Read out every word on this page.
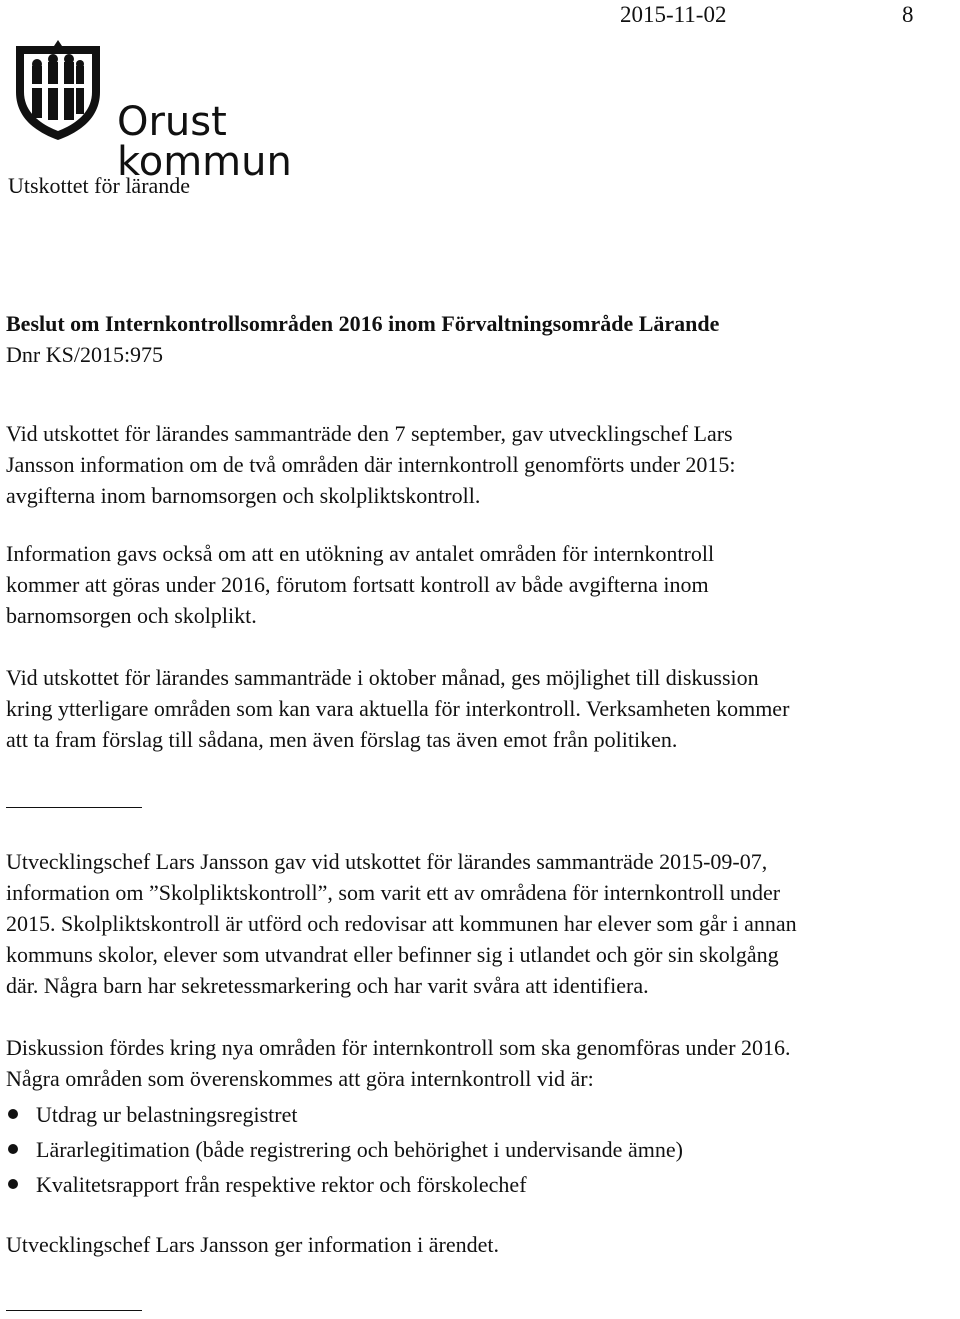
2015-11-02	8
Orust kommun
Utskottet för lärande
Beslut om Internkontrollsområden 2016 inom Förvaltningsområde Lärande
Dnr KS/2015:975

Vid utskottet för lärandes sammanträde den 7 september, gav utvecklingschef Lars
Jansson information om de två områden där internkontroll genomförts under 2015:
avgifterna inom barnomsorgen och skolpliktskontroll.

Information gavs också om att en utökning av antalet områden för internkontroll
kommer att göras under 2016, förutom fortsatt kontroll av både avgifterna inom
barnomsorgen och skolplikt.

Vid utskottet för lärandes sammanträde i oktober månad, ges möjlighet till diskussion
kring ytterligare områden som kan vara aktuella för interkontroll. Verksamheten kommer
att ta fram förslag till sådana, men även förslag tas även emot från politiken.

Utvecklingschef Lars Jansson gav vid utskottet för lärandes sammanträde 2015-09-07,
information om ”Skolpliktskontroll”, som varit ett av områdena för internkontroll under
2015. Skolpliktskontroll är utförd och redovisar att kommunen har elever som går i annan
kommuns skolor, elever som utvandrat eller befinner sig i utlandet och gör sin skolgång
där. Några barn har sekretessmarkering och har varit svåra att identifiera.

Diskussion fördes kring nya områden för internkontroll som ska genomföras under 2016.
Några områden som överenskommes att göra internkontroll vid är:

Utdrag ur belastningsregistret
Lärarlegitimation (både registrering och behörighet i undervisande ämne)
Kvalitetsrapport från respektive rektor och förskolechef

Utvecklingschef Lars Jansson ger information i ärendet.
